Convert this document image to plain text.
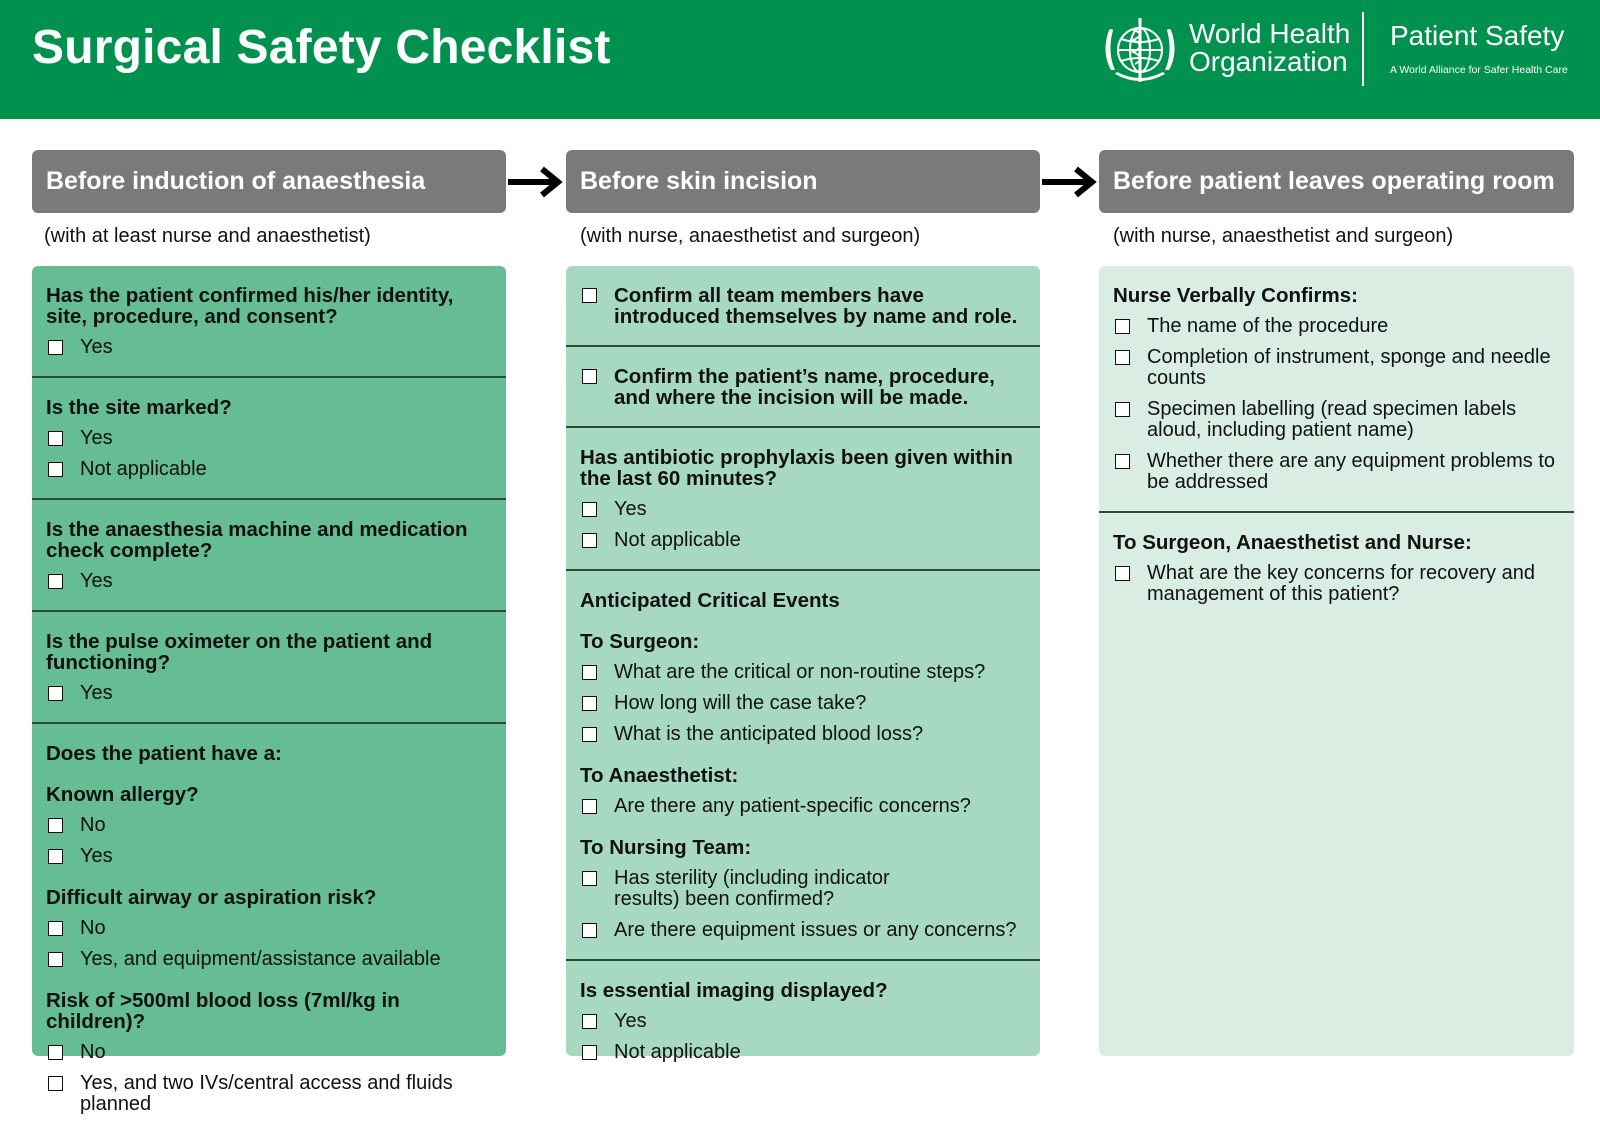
Surgical Safety Checklist	World Health
Organization
Patient Safety
A World Alliance for Safer Health Care
Before induction of anaesthesia	Before skin incision	Before patient leaves operating room
(with at least nurse and anaesthetist)	(with nurse, anaesthetist and surgeon)	(with nurse, anaesthetist and surgeon)
Has the patient confirmed his/her identity, site, procedure, and consent?
Yes
Is the site marked?
Yes
Not applicable
Is the anaesthesia machine and medication check complete?
Yes
Is the pulse oximeter on the patient and functioning?
Yes
Does the patient have a:
Known allergy?
No
Yes
Difficult airway or aspiration risk?
No
Yes, and equipment/assistance available
Risk of >500ml blood loss (7ml/kg in children)?
No
Yes, and two IVs/central access and fluids planned
Confirm all team members have introduced themselves by name and role.
Confirm the patient’s name, procedure, and where the incision will be made.
Has antibiotic prophylaxis been given within the last 60 minutes?
Yes
Not applicable
Anticipated Critical Events
To Surgeon:
What are the critical or non-routine steps?
How long will the case take?
What is the anticipated blood loss?
To Anaesthetist:
Are there any patient-specific concerns?
To Nursing Team:
Has sterility (including indicator results) been confirmed?
Are there equipment issues or any concerns?
Is essential imaging displayed?
Yes
Not applicable
Nurse Verbally Confirms:
The name of the procedure
Completion of instrument, sponge and needle counts
Specimen labelling (read specimen labels aloud, including patient name)
Whether there are any equipment problems to be addressed
To Surgeon, Anaesthetist and Nurse:
What are the key concerns for recovery and management of this patient?
